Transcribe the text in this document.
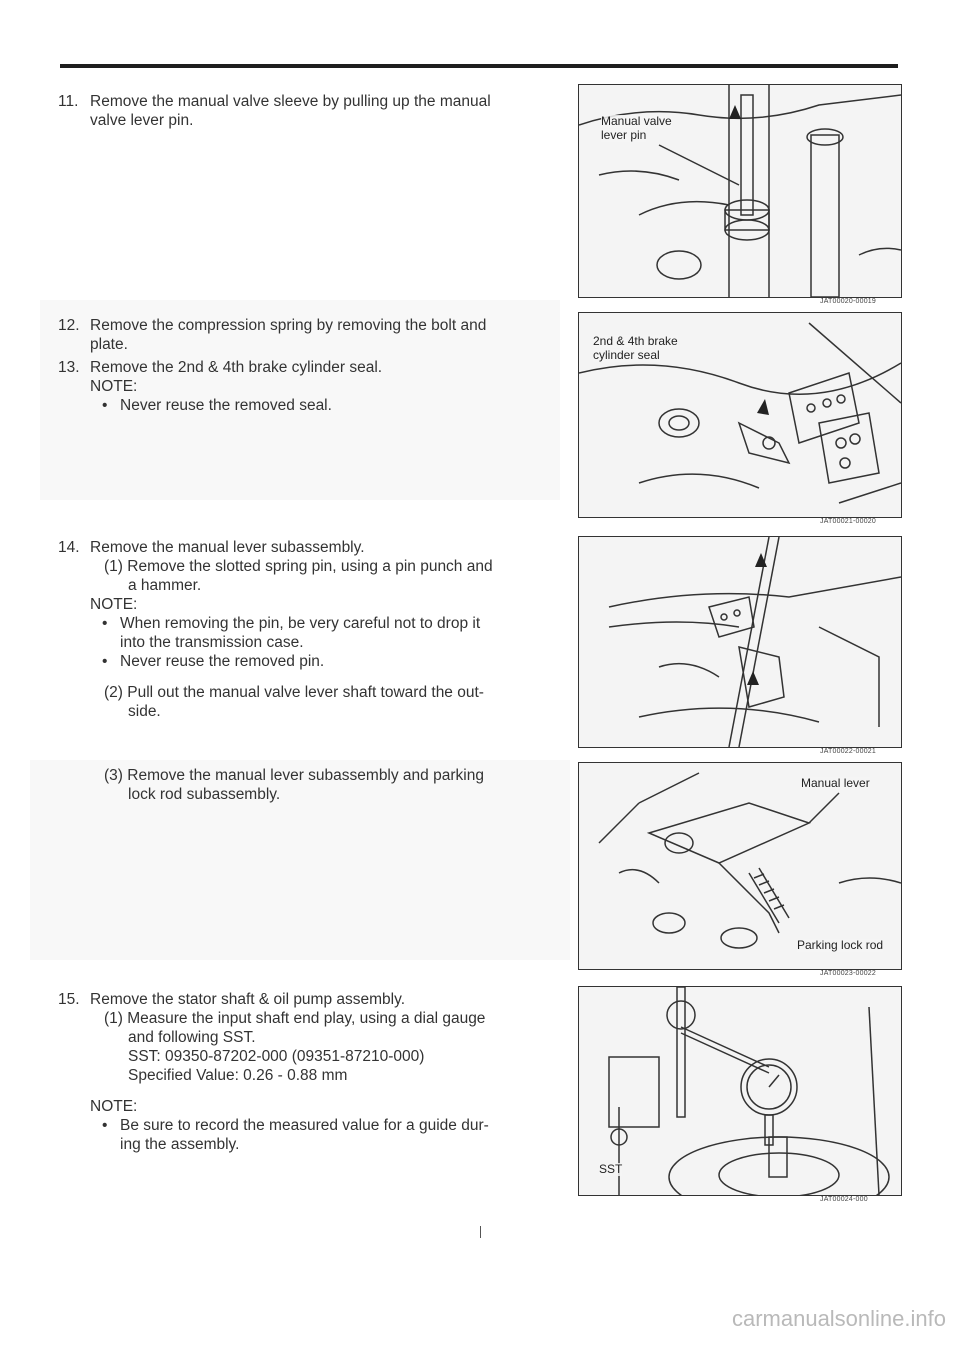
11. Remove the manual valve sleeve by pulling up the manual
valve lever pin.
12. Remove the compression spring by removing the bolt and
plate.
13. Remove the 2nd & 4th brake cylinder seal.
NOTE:
• Never reuse the removed seal.
14. Remove the manual lever subassembly.
(1) Remove the slotted spring pin, using a pin punch and
a hammer.
NOTE:
• When removing the pin, be very careful not to drop it
into the transmission case.
• Never reuse the removed pin.
(2) Pull out the manual valve lever shaft toward the out-
side.
(3) Remove the manual lever subassembly and parking
lock rod subassembly.
15. Remove the stator shaft & oil pump assembly.
(1) Measure the input shaft end play, using a dial gauge
and following SST.
SST: 09350-87202-000 (09351-87210-000)
Specified Value: 0.26 - 0.88 mm
NOTE:
• Be sure to record the measured value for a guide dur-
ing the assembly.
Manual valve
lever pin
JAT00020-00019
2nd & 4th brake
cylinder seal
JAT00021-00020
JAT00022-00021
Manual lever
Parking lock rod
JAT00023-00022
SST
JAT00024-000
carmanualsonline.info
